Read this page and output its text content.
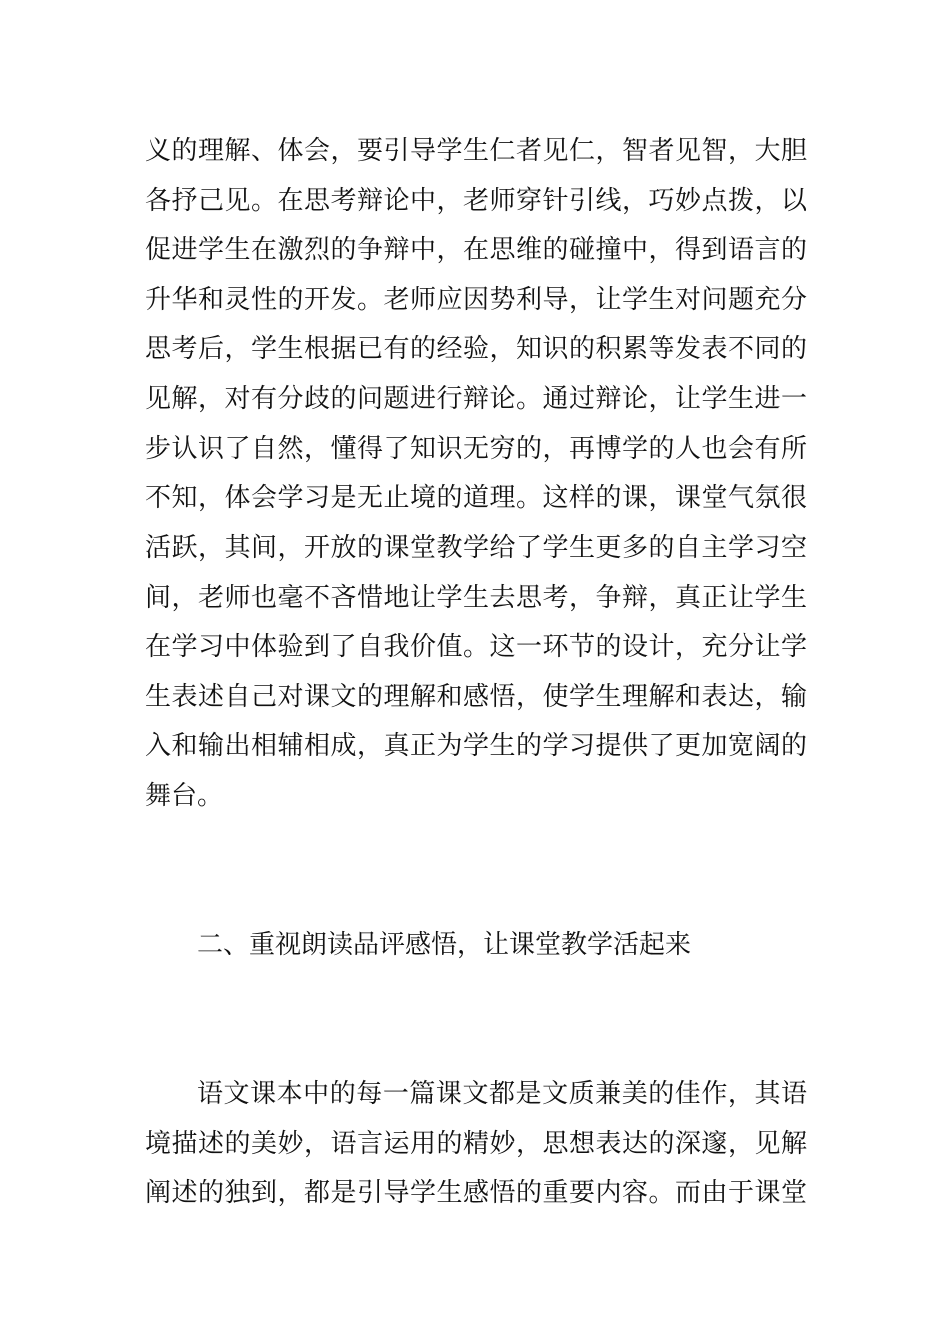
义的理解、体会，要引导学生仁者见仁，智者见智，大胆
各抒己见。在思考辩论中，老师穿针引线，巧妙点拨，以
促进学生在激烈的争辩中，在思维的碰撞中，得到语言的
升华和灵性的开发。老师应因势利导，让学生对问题充分
思考后，学生根据已有的经验，知识的积累等发表不同的
见解，对有分歧的问题进行辩论。通过辩论，让学生进一
步认识了自然，懂得了知识无穷的，再博学的人也会有所
不知，体会学习是无止境的道理。这样的课，课堂气氛很
活跃，其间，开放的课堂教学给了学生更多的自主学习空
间，老师也毫不吝惜地让学生去思考，争辩，真正让学生
在学习中体验到了自我价值。这一环节的设计，充分让学
生表述自己对课文的理解和感悟，使学生理解和表达，输
入和输出相辅相成，真正为学生的学习提供了更加宽阔的
舞台。
二、重视朗读品评感悟，让课堂教学活起来
语文课本中的每一篇课文都是文质兼美的佳作，其语
境描述的美妙，语言运用的精妙，思想表达的深邃，见解
阐述的独到，都是引导学生感悟的重要内容。而由于课堂
